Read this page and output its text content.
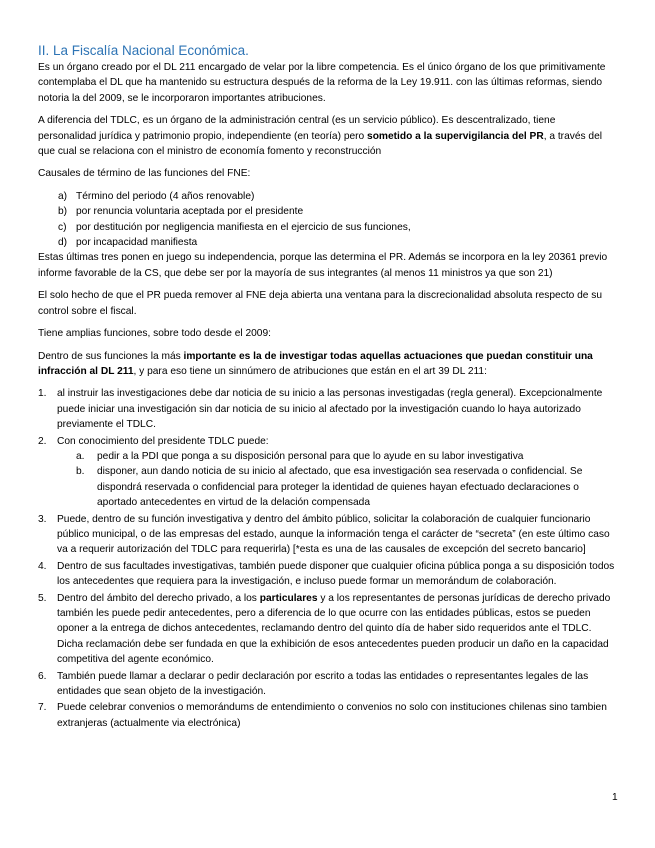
II. La Fiscalía Nacional Económica.

Es un órgano creado por el DL 211 encargado de velar por la libre competencia. Es el único órgano de los que primitivamente contemplaba el DL que ha mantenido su estructura después de la reforma de la Ley 19.911. con las últimas reformas, siendo notoria la del 2009, se le incorporaron importantes atribuciones.

A diferencia del TDLC, es un órgano de la administración central (es un servicio público). Es descentralizado, tiene personalidad jurídica y patrimonio propio, independiente (en teoría) pero sometido a la supervigilancia del PR, a través del que cual se relaciona con el ministro de economía fomento y reconstrucción

Causales de término de las funciones del FNE:

a) Término del periodo (4 años renovable)
b) por renuncia voluntaria aceptada por el presidente
c) por destitución por negligencia manifiesta en el ejercicio de sus funciones,
d) por incapacidad manifiesta

Estas últimas tres ponen en juego su independencia, porque las determina el PR. Además se incorpora en la ley 20361 previo informe favorable de la CS, que debe ser por la mayoría de sus integrantes (al menos 11 ministros ya que son 21)

El solo hecho de que el PR pueda remover al FNE deja abierta una ventana para la discrecionalidad absoluta respecto de su control sobre el fiscal.

Tiene amplias funciones, sobre todo desde el 2009:

Dentro de sus funciones la más importante es la de investigar todas aquellas actuaciones que puedan constituir una infracción al DL 211, y para eso tiene un sinnúmero de atribuciones que están en el art 39 DL 211:

1. al instruir las investigaciones debe dar noticia de su inicio a las personas investigadas (regla general). Excepcionalmente puede iniciar una investigación sin dar noticia de su inicio al afectado por la investigación cuando lo haya autorizado previamente el TDLC.
2. Con conocimiento del presidente TDLC puede:
a. pedir a la PDI que ponga a su disposición personal para que lo ayude en su labor investigativa
b. disponer, aun dando noticia de su inicio al afectado, que esa investigación sea reservada o confidencial. Se dispondrá reservada o confidencial para proteger la identidad de quienes hayan efectuado declaraciones o aportado antecedentes en virtud de la delación compensada
3. Puede, dentro de su función investigativa y dentro del ámbito público, solicitar la colaboración de cualquier funcionario público municipal, o de las empresas del estado, aunque la información tenga el carácter de “secreta” (en este último caso va a requerir autorización del TDLC para requerirla) [*esta es una de las causales de excepción del secreto bancario]
4. Dentro de sus facultades investigativas, también puede disponer que cualquier oficina pública ponga a su disposición todos los antecedentes que requiera para la investigación, e incluso puede formar un memorándum de colaboración.
5. Dentro del ámbito del derecho privado, a los particulares y a los representantes de personas jurídicas de derecho privado también les puede pedir antecedentes, pero a diferencia de lo que ocurre con las entidades públicas, estos se pueden oponer a la entrega de dichos antecedentes, reclamando dentro del quinto día de haber sido requeridos ante el TDLC. Dicha reclamación debe ser fundada en que la exhibición de esos antecedentes pueden producir un daño en la capacidad competitiva del agente económico.
6. También puede llamar a declarar o pedir declaración por escrito a todas las entidades o representantes legales de las entidades que sean objeto de la investigación.
7. Puede celebrar convenios o memorándums de entendimiento o convenios no solo con instituciones chilenas sino tambien extranjeras (actualmente via electrónica)
1
